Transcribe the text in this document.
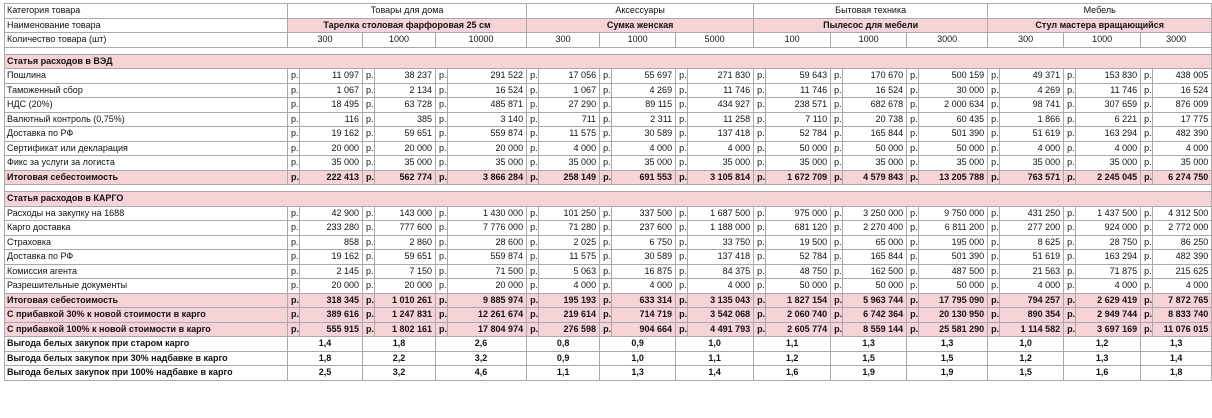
Категория товара	Товары для дома						Аксессуары						Бытовая техника						Мебель					
Наименование товара	Тарелка столовая фарфоровая 25 см						Сумка женская						Пылесос для мебели						Стул мастера вращающийся					
Количество товара (шт)	300		1000		10000		300		1000		5000		100		1000		3000		300		1000		3000	

Статья расходов в ВЭД																								
Пошлина	р.	11 097	р.	38 237	р.	291 522	р.	17 056	р.	55 697	р.	271 830	р.	59 643	р.	170 670	р.	500 159	р.	49 371	р.	153 830	р.	438 005
Таможенный сбор	р.	1 067	р.	2 134	р.	16 524	р.	1 067	р.	4 269	р.	11 746	р.	11 746	р.	16 524	р.	30 000	р.	4 269	р.	11 746	р.	16 524
НДС (20%)	р.	18 495	р.	63 728	р.	485 871	р.	27 290	р.	89 115	р.	434 927	р.	238 571	р.	682 678	р.	2 000 634	р.	98 741	р.	307 659	р.	876 009
Валютный контроль (0,75%)	р.	116	р.	385	р.	3 140	р.	711	р.	2 311	р.	11 258	р.	7 110	р.	20 738	р.	60 435	р.	1 866	р.	6 221	р.	17 775
Доставка по РФ	р.	19 162	р.	59 651	р.	559 874	р.	11 575	р.	30 589	р.	137 418	р.	52 784	р.	165 844	р.	501 390	р.	51 619	р.	163 294	р.	482 390
Сертификат или декларация	р.	20 000	р.	20 000	р.	20 000	р.	4 000	р.	4 000	р.	4 000	р.	50 000	р.	50 000	р.	50 000	р.	4 000	р.	4 000	р.	4 000
Фикс за услуги за логиста	р.	35 000	р.	35 000	р.	35 000	р.	35 000	р.	35 000	р.	35 000	р.	35 000	р.	35 000	р.	35 000	р.	35 000	р.	35 000	р.	35 000
Итоговая себестоимость	р.	222 413	р.	562 774	р.	3 866 284	р.	258 149	р.	691 553	р.	3 105 814	р.	1 672 709	р.	4 579 843	р.	13 205 788	р.	763 571	р.	2 245 045	р.	6 274 750

Статья расходов в КАРГО																								
Расходы на закупку на 1688	р.	42 900	р.	143 000	р.	1 430 000	р.	101 250	р.	337 500	р.	1 687 500	р.	975 000	р.	3 250 000	р.	9 750 000	р.	431 250	р.	1 437 500	р.	4 312 500
Карго доставка	р.	233 280	р.	777 600	р.	7 776 000	р.	71 280	р.	237 600	р.	1 188 000	р.	681 120	р.	2 270 400	р.	6 811 200	р.	277 200	р.	924 000	р.	2 772 000
Страховка	р.	858	р.	2 860	р.	28 600	р.	2 025	р.	6 750	р.	33 750	р.	19 500	р.	65 000	р.	195 000	р.	8 625	р.	28 750	р.	86 250
Доставка по РФ	р.	19 162	р.	59 651	р.	559 874	р.	11 575	р.	30 589	р.	137 418	р.	52 784	р.	165 844	р.	501 390	р.	51 619	р.	163 294	р.	482 390
Комиссия агента	р.	2 145	р.	7 150	р.	71 500	р.	5 063	р.	16 875	р.	84 375	р.	48 750	р.	162 500	р.	487 500	р.	21 563	р.	71 875	р.	215 625
Разрешительные документы	р.	20 000	р.	20 000	р.	20 000	р.	4 000	р.	4 000	р.	4 000	р.	50 000	р.	50 000	р.	50 000	р.	4 000	р.	4 000	р.	4 000
Итоговая себестоимость	р.	318 345	р.	1 010 261	р.	9 885 974	р.	195 193	р.	633 314	р.	3 135 043	р.	1 827 154	р.	5 963 744	р.	17 795 090	р.	794 257	р.	2 629 419	р.	7 872 765
С прибавкой 30% к новой стоимости в карго	р.	389 616	р.	1 247 831	р.	12 261 674	р.	219 614	р.	714 719	р.	3 542 068	р.	2 060 740	р.	6 742 364	р.	20 130 950	р.	890 354	р.	2 949 744	р.	8 833 740
С прибавкой 100% к новой стоимости в карго	р.	555 915	р.	1 802 161	р.	17 804 974	р.	276 598	р.	904 664	р.	4 491 793	р.	2 605 774	р.	8 559 144	р.	25 581 290	р.	1 114 582	р.	3 697 169	р.	11 076 015
Выгода белых закупок при старом карго	1,4		1,8		2,6		0,8		0,9		1,0		1,1		1,3		1,3		1,0		1,2		1,3	
Выгода белых закупок при 30% надбавке в карго	1,8		2,2		3,2		0,9		1,0		1,1		1,2		1,5		1,5		1,2		1,3		1,4	
Выгода белых закупок при 100% надбавке в карго	2,5		3,2		4,6		1,1		1,3		1,4		1,6		1,9		1,9		1,5		1,6		1,8	
